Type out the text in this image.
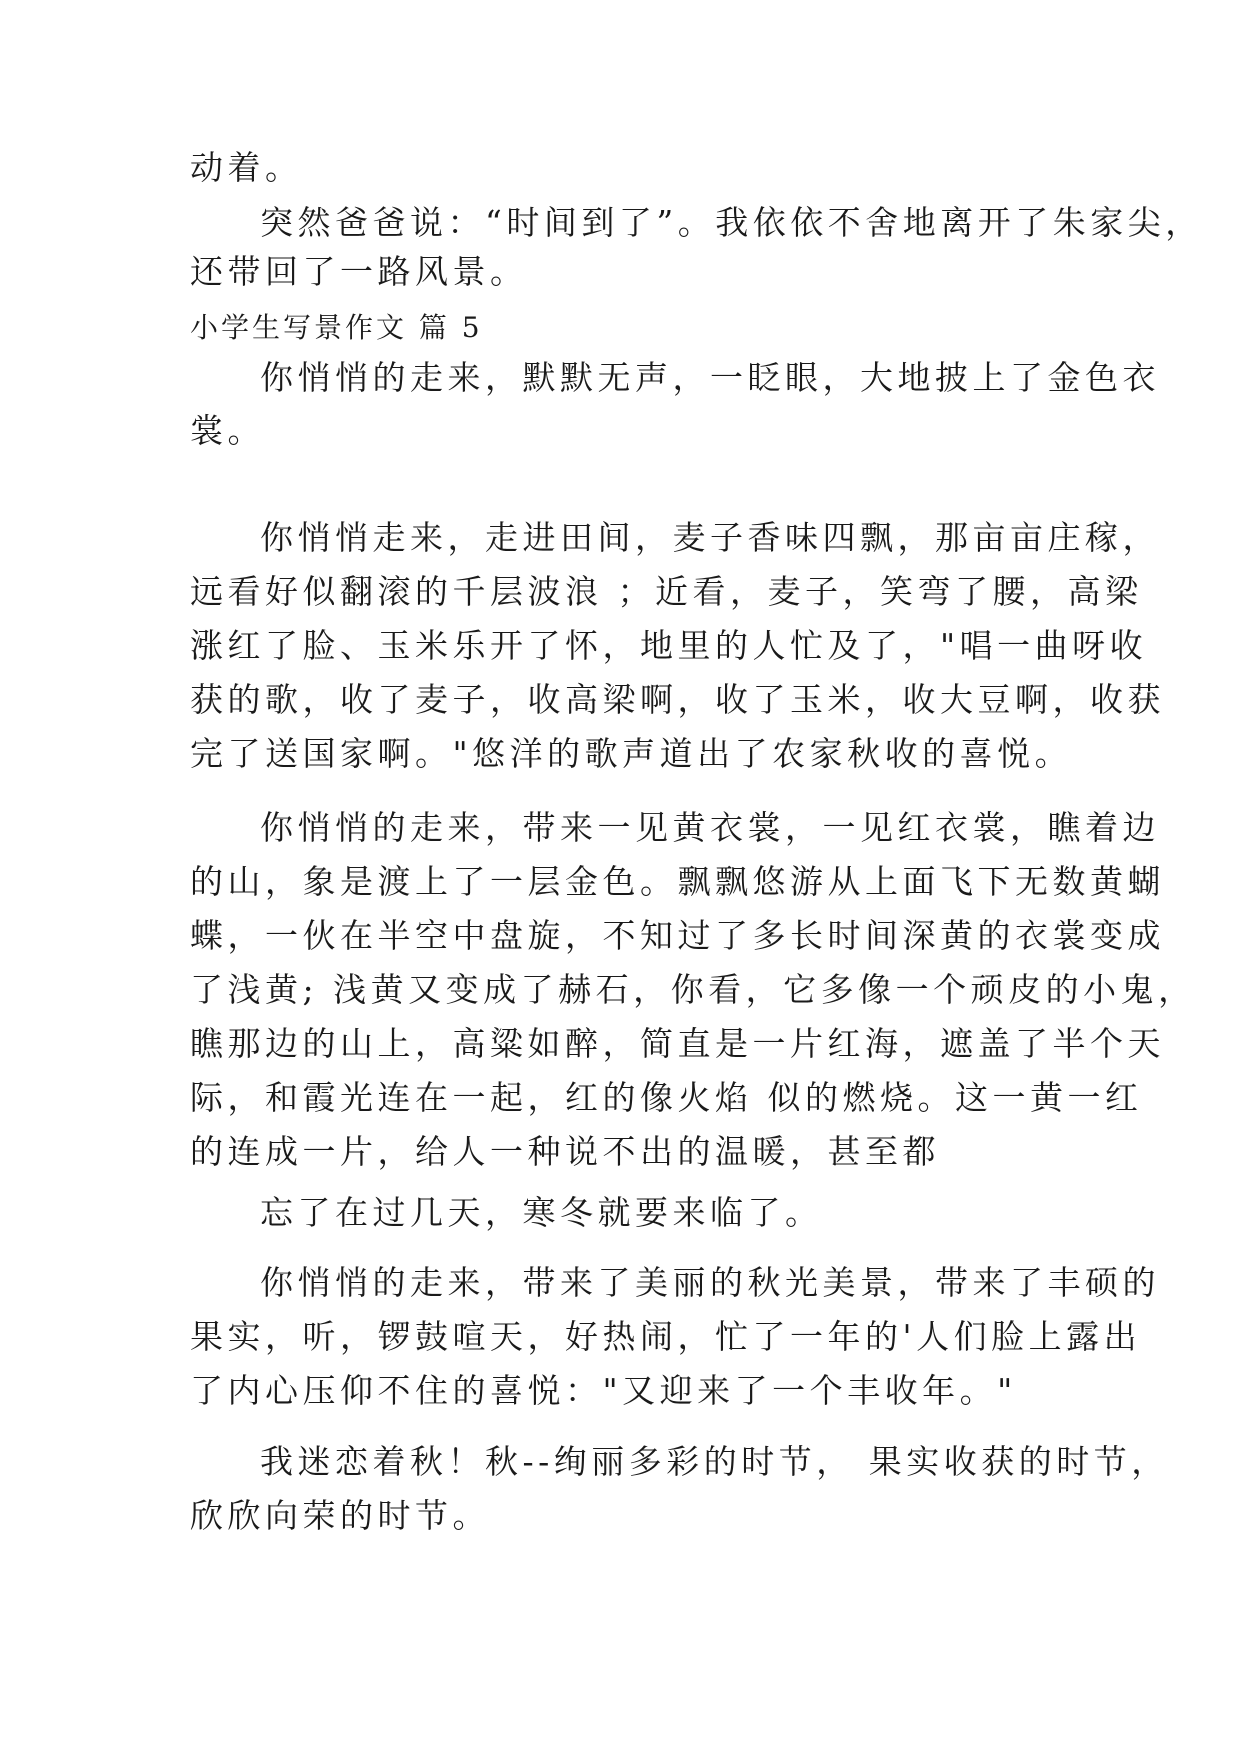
动着。
突然爸爸说：“时间到了”。我依依不舍地离开了朱家尖，
还带回了一路风景。
小学生写景作文 篇 5
你悄悄的走来，默默无声，一眨眼，大地披上了金色衣
裳。
你悄悄走来，走进田间，麦子香味四飘，那亩亩庄稼，
远看好似翻滚的千层波浪 ；近看，麦子，笑弯了腰，高梁
涨红了脸、玉米乐开了怀，地里的人忙及了，"唱一曲呀收
获的歌，收了麦子，收高梁啊，收了玉米，收大豆啊，收获
完了送国家啊。"悠洋的歌声道出了农家秋收的喜悦。
你悄悄的走来，带来一见黄衣裳，一见红衣裳，瞧着边
的山，象是渡上了一层金色。飘飘悠游从上面飞下无数黄蝴
蝶，一伙在半空中盘旋，不知过了多长时间深黄的衣裳变成
了浅黄; 浅黄又变成了赫石，你看，它多像一个顽皮的小鬼，
瞧那边的山上，高粱如醉，简直是一片红海，遮盖了半个天
际，和霞光连在一起，红的像火焰 似的燃烧。这一黄一红
的连成一片，给人一种说不出的温暖，甚至都
忘了在过几天，寒冬就要来临了。
你悄悄的走来，带来了美丽的秋光美景，带来了丰硕的
果实，听，锣鼓喧天，好热闹，忙了一年的'人们脸上露出
了内心压仰不住的喜悦："又迎来了一个丰收年。"
我迷恋着秋！秋--绚丽多彩的时节， 果实收获的时节，
欣欣向荣的时节。
